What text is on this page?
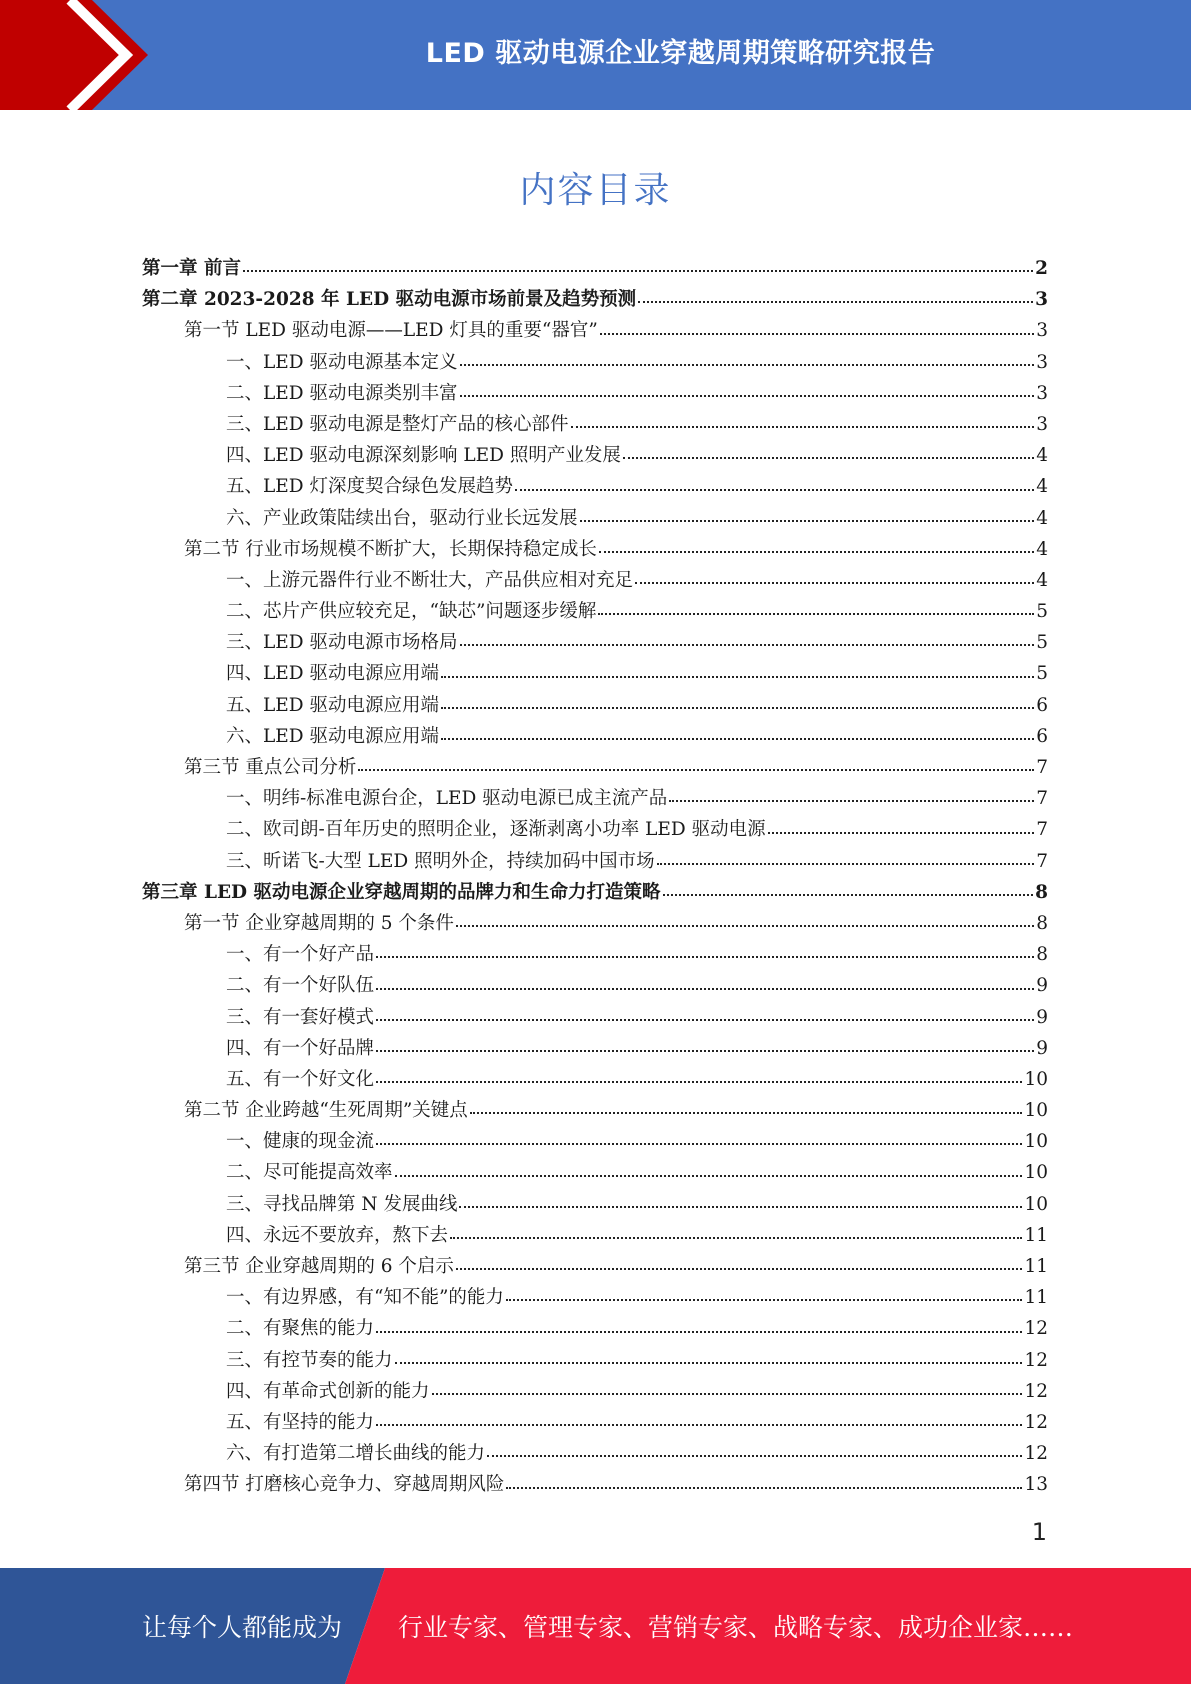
LED 驱动电源企业穿越周期策略研究报告
内容目录
第一章 前言	2
第二章 2023-2028 年 LED 驱动电源市场前景及趋势预测	3
第一节 LED 驱动电源——LED 灯具的重要“器官”	3
一、LED 驱动电源基本定义	3
二、LED 驱动电源类别丰富	3
三、LED 驱动电源是整灯产品的核心部件	3
四、LED 驱动电源深刻影响 LED 照明产业发展	4
五、LED 灯深度契合绿色发展趋势	4
六、产业政策陆续出台，驱动行业长远发展	4
第二节 行业市场规模不断扩大，长期保持稳定成长	4
一、上游元器件行业不断壮大，产品供应相对充足	4
二、芯片产供应较充足，“缺芯”问题逐步缓解	5
三、LED 驱动电源市场格局	5
四、LED 驱动电源应用端	5
五、LED 驱动电源应用端	6
六、LED 驱动电源应用端	6
第三节 重点公司分析	7
一、明纬-标准电源台企，LED 驱动电源已成主流产品	7
二、欧司朗-百年历史的照明企业，逐渐剥离小功率 LED 驱动电源	7
三、昕诺飞-大型 LED 照明外企，持续加码中国市场	7
第三章 LED 驱动电源企业穿越周期的品牌力和生命力打造策略	8
第一节 企业穿越周期的 5 个条件	8
一、有一个好产品	8
二、有一个好队伍	9
三、有一套好模式	9
四、有一个好品牌	9
五、有一个好文化	10
第二节 企业跨越“生死周期”关键点	10
一、健康的现金流	10
二、尽可能提高效率	10
三、寻找品牌第 N 发展曲线	10
四、永远不要放弃，熬下去	11
第三节 企业穿越周期的 6 个启示	11
一、有边界感，有“知不能”的能力	11
二、有聚焦的能力	12
三、有控节奏的能力	12
四、有革命式创新的能力	12
五、有坚持的能力	12
六、有打造第二增长曲线的能力	12
第四节 打磨核心竞争力、穿越周期风险	13
1
让每个人都能成为 行业专家、管理专家、营销专家、战略专家、成功企业家……
